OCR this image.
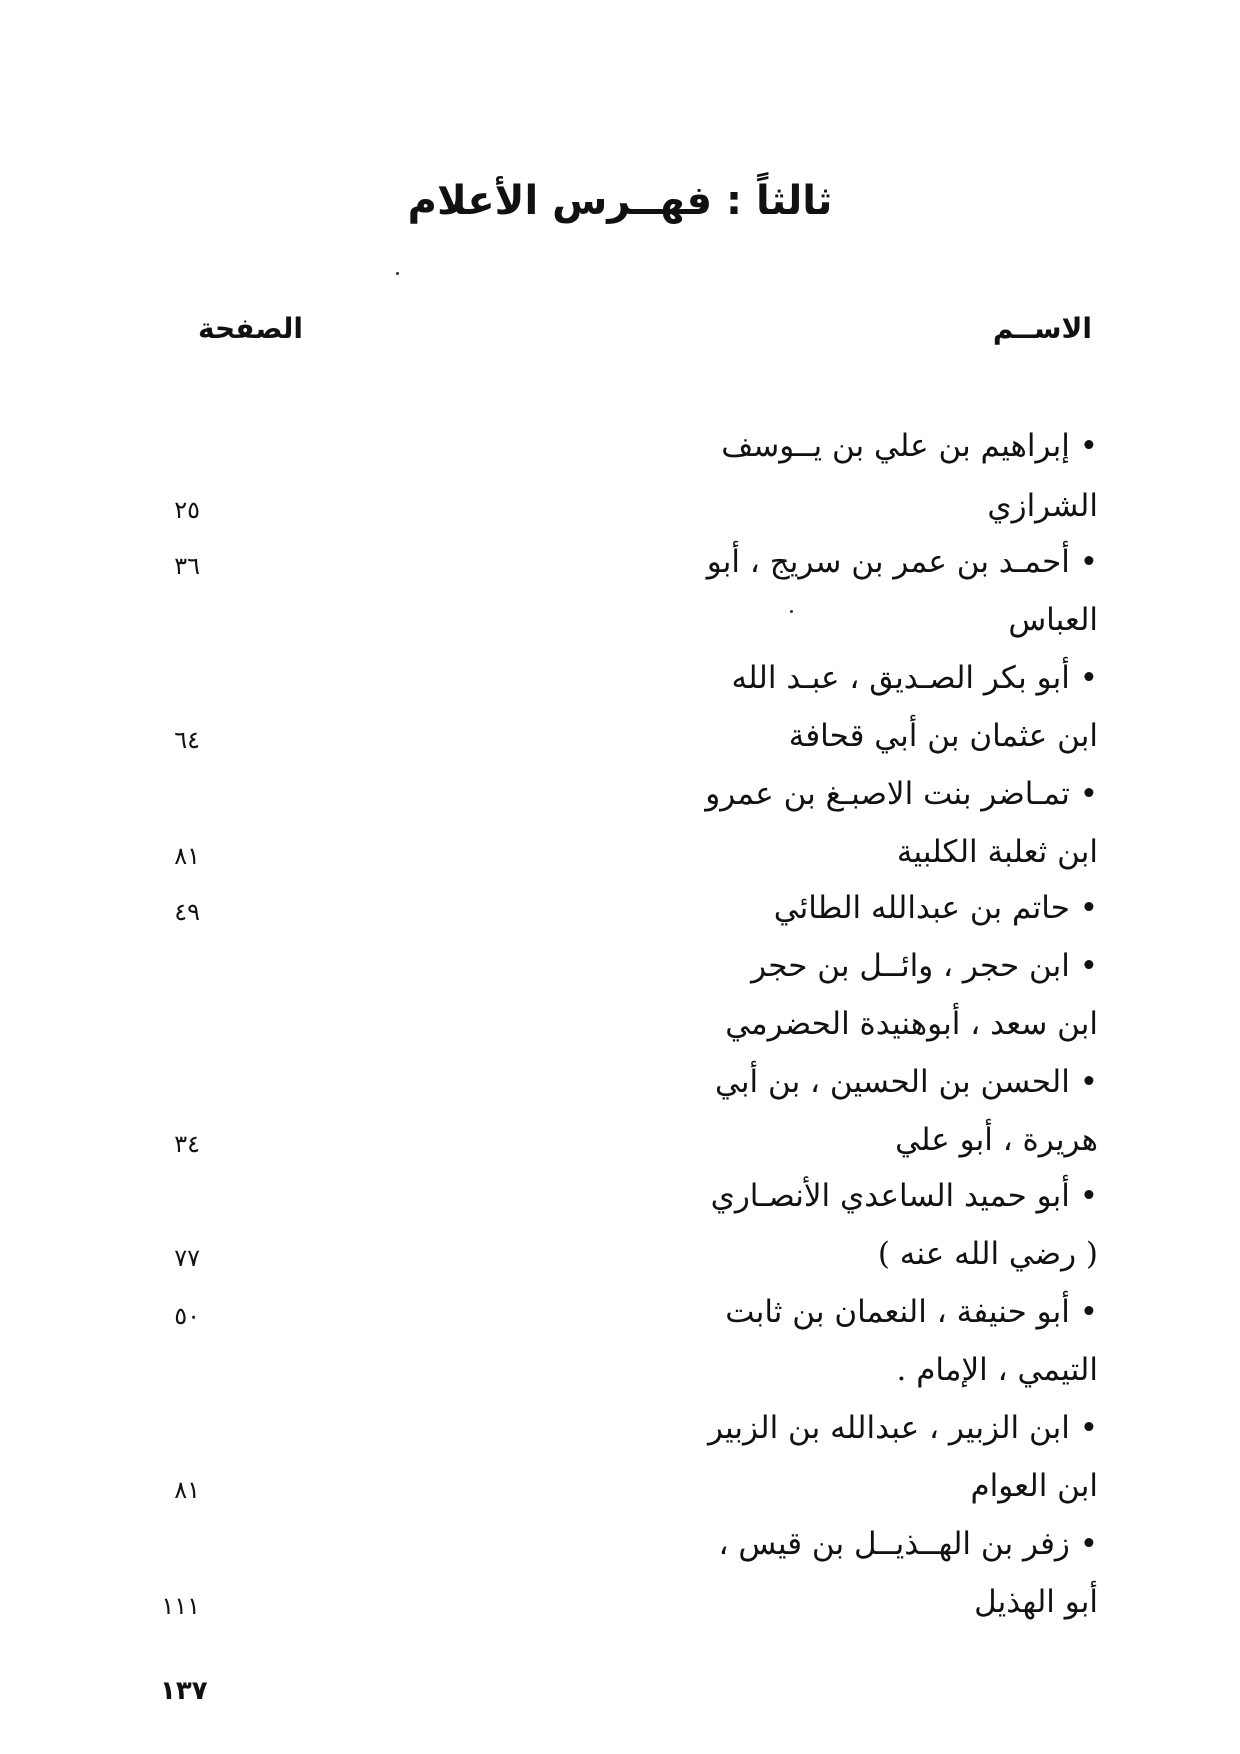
ثالثاً : فهــرس الأعلام
الاســم
الصفحة
• إبراهيم بن علي بن يــوسف
الشرازي
٢٥
• أحمـد بن عمر بن سريج ، أبو
٣٦
العباس
• أبو بكر الصـديق ، عبـد الله
ابن عثمان بن أبي قحافة
٦٤
• تمـاضر بنت الاصبـغ بن عمرو
ابن ثعلبة الكلبية
٨١
• حاتم بن عبدالله الطائي
٤٩
• ابن حجر ، وائــل بن حجر
ابن سعد ، أبوهنيدة الحضرمي
• الحسن بن الحسين ، بن أبي
هريرة ، أبو علي
٣٤
• أبو حميد الساعدي الأنصـاري
( رضي الله عنه )
٧٧
• أبو حنيفة ، النعمان بن ثابت
٥٠
التيمي ، الإمام .
• ابن الزبير ، عبدالله بن الزبير
ابن العوام
٨١
• زفر بن الهــذيــل بن قيس ،
أبو الهذيل
١١١
١٣٧
